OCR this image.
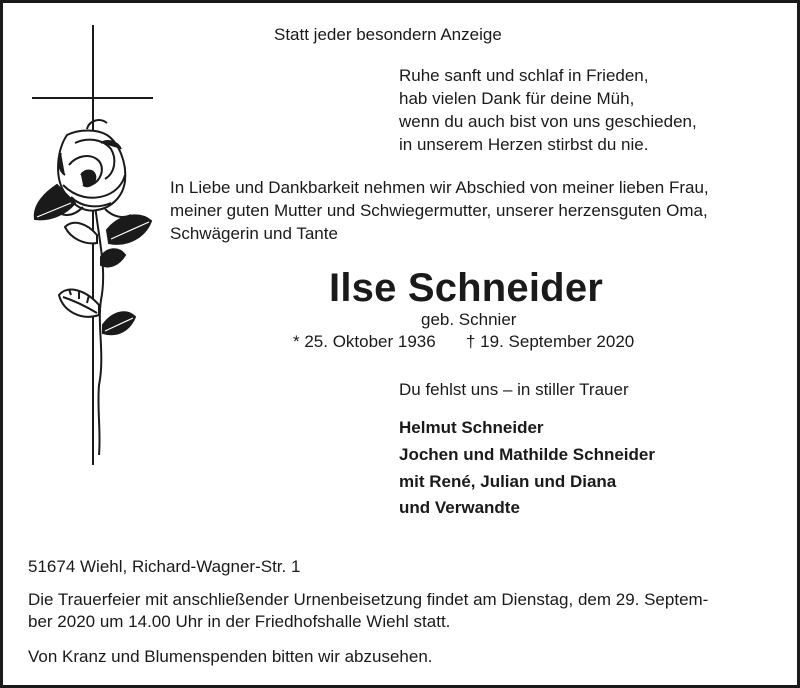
Statt jeder besondern Anzeige
Ruhe sanft und schlaf in Frieden,
hab vielen Dank für deine Müh,
wenn du auch bist von uns geschieden,
in unserem Herzen stirbst du nie.
In Liebe und Dankbarkeit nehmen wir Abschied von meiner lieben Frau,
meiner guten Mutter und Schwiegermutter, unserer herzensguten Oma,
Schwägerin und Tante
Ilse Schneider
geb. Schnier
* 25. Oktober 1936 † 19. September 2020
Du fehlst uns – in stiller Trauer
Helmut Schneider
Jochen und Mathilde Schneider
mit René, Julian und Diana
und Verwandte
51674 Wiehl, Richard-Wagner-Str. 1
Die Trauerfeier mit anschließender Urnenbeisetzung findet am Dienstag, dem 29. Septem-
ber 2020 um 14.00 Uhr in der Friedhofshalle Wiehl statt.
Von Kranz und Blumenspenden bitten wir abzusehen.
